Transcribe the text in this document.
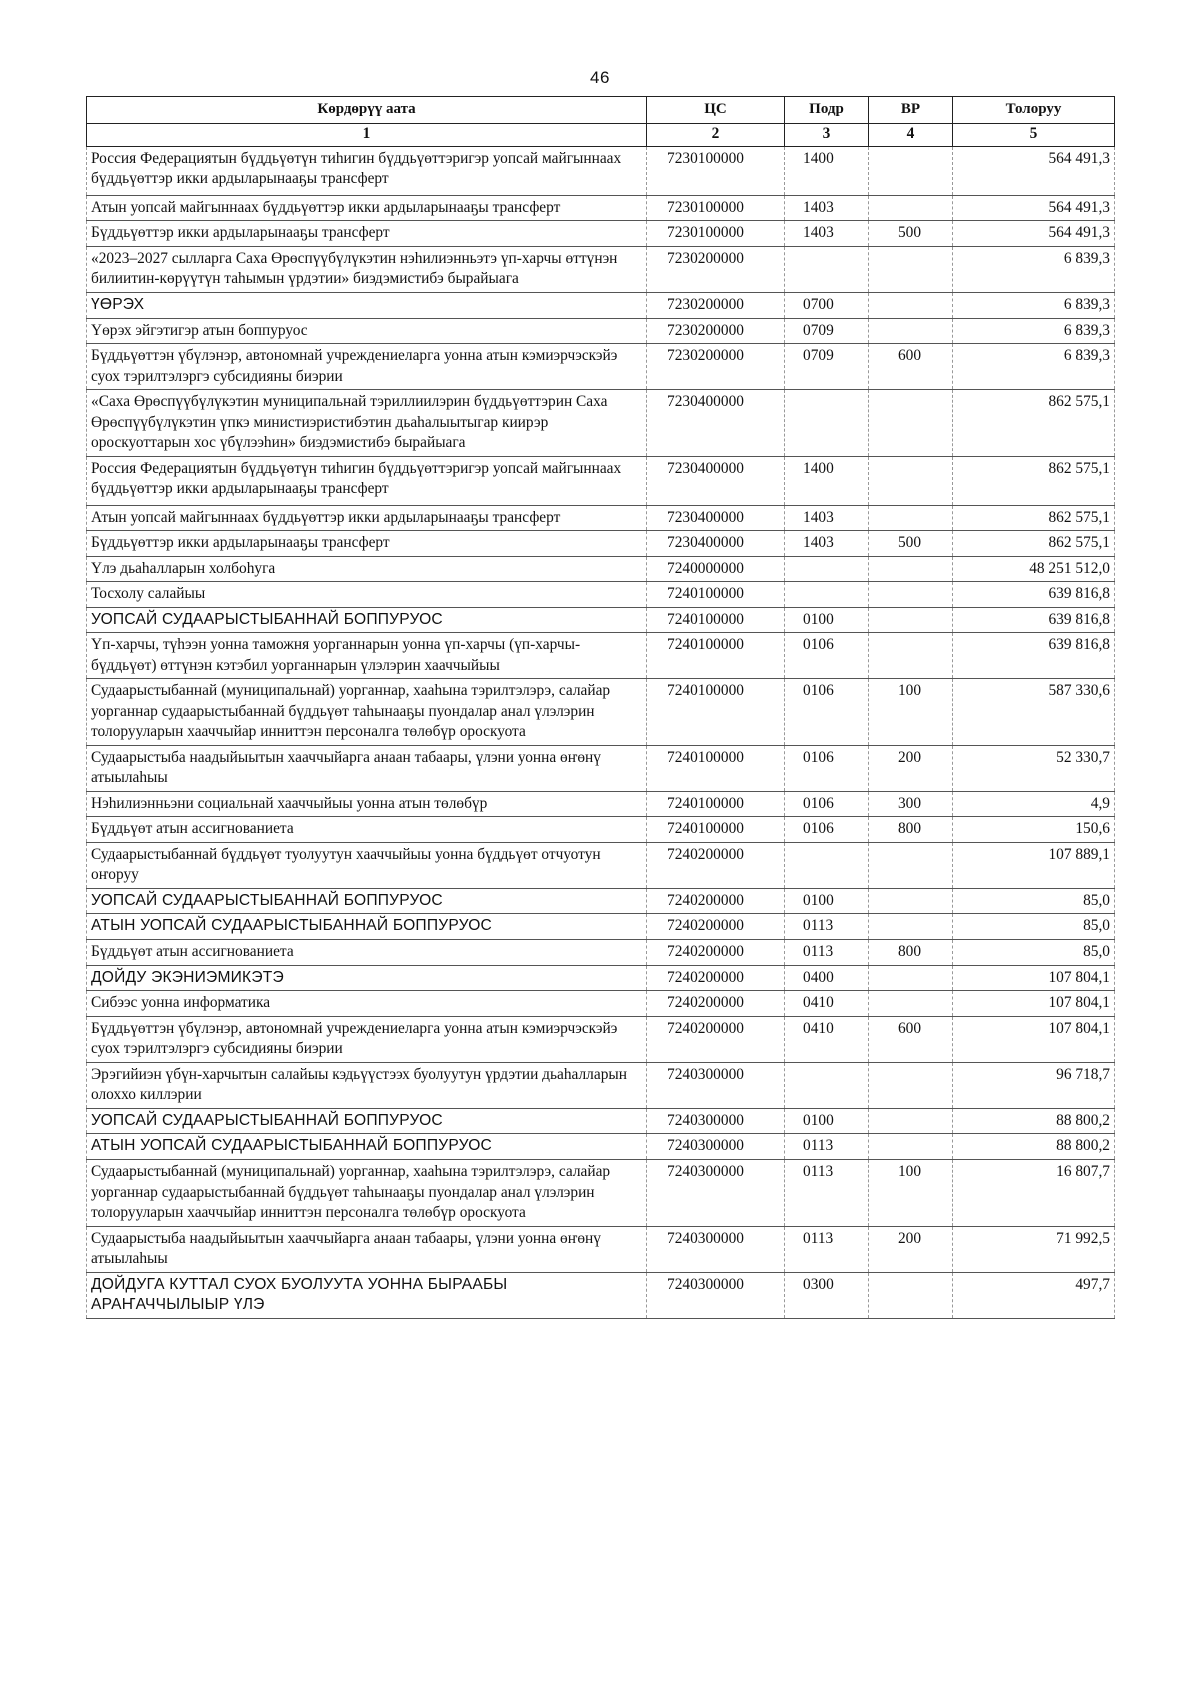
46
Көрдөрүү аата	ЦС	Подр	ВР	Толоруу
1	2	3	4	5
Россия Федерациятын бүддьүөтүн тиһигин бүддьүөттэригэр уопсай майгыннаах бүддьүөттэр икки ардыларынааҕы трансферт	7230100000	1400		564 491,3
Атын уопсай майгыннаах бүддьүөттэр икки ардыларынааҕы трансферт	7230100000	1403		564 491,3
Бүддьүөттэр икки ардыларынааҕы трансферт	7230100000	1403	500	564 491,3
«2023–2027 сылларга Саха Өрөспүүбүлүкэтин нэһилиэнньэтэ үп-харчы өттүнэн билиитин-көрүүтүн таһымын үрдэтии» биэдэмистибэ бырайыага	7230200000			6 839,3
ҮӨРЭХ	7230200000	0700		6 839,3
Үөрэх эйгэтигэр атын боппуруос	7230200000	0709		6 839,3
Бүддьүөттэн үбүлэнэр, автономнай учреждениеларга уонна атын кэмиэрчэскэйэ суох тэрилтэлэргэ субсидияны биэрии	7230200000	0709	600	6 839,3
«Саха Өрөспүүбүлүкэтин муниципальнай тэриллиилэрин бүддьүөттэрин Саха Өрөспүүбүлүкэтин үпкэ министиэристибэтин дьаһалыытыгар киирэр ороскуоттарын хос үбүлээһин» биэдэмистибэ бырайыага	7230400000			862 575,1
Россия Федерациятын бүддьүөтүн тиһигин бүддьүөттэригэр уопсай майгыннаах бүддьүөттэр икки ардыларынааҕы трансферт	7230400000	1400		862 575,1
Атын уопсай майгыннаах бүддьүөттэр икки ардыларынааҕы трансферт	7230400000	1403		862 575,1
Бүддьүөттэр икки ардыларынааҕы трансферт	7230400000	1403	500	862 575,1
Үлэ дьаһалларын холбоһуга	7240000000			48 251 512,0
Тосхолу салайыы	7240100000			639 816,8
УОПСАЙ СУДААРЫСТЫБАННАЙ БОППУРУОС	7240100000	0100		639 816,8
Үп-харчы, түһээн уонна таможня уорганнарын уонна үп-харчы (үп-харчы-бүддьүөт) өттүнэн кэтэбил уорганнарын үлэлэрин хааччыйыы	7240100000	0106		639 816,8
Судаарыстыбаннай (муниципальнай) уорганнар, хааһына тэрилтэлэрэ, салайар уорганнар судаарыстыбаннай бүддьүөт таһынааҕы пуондалар анал үлэлэрин толорууларын хааччыйар инниттэн персоналга төлөбүр ороскуота	7240100000	0106	100	587 330,6
Судаарыстыба наадыйыытын хааччыйарга анаан табаары, үлэни уонна өҥөнү атыылаһыы	7240100000	0106	200	52 330,7
Нэһилиэнньэни социальнай хааччыйыы уонна атын төлөбүр	7240100000	0106	300	4,9
Бүддьүөт атын ассигнованиета	7240100000	0106	800	150,6
Судаарыстыбаннай бүддьүөт туолуутун хааччыйыы уонна бүддьүөт отчуотун оҥоруу	7240200000			107 889,1
УОПСАЙ СУДААРЫСТЫБАННАЙ БОППУРУОС	7240200000	0100		85,0
АТЫН УОПСАЙ СУДААРЫСТЫБАННАЙ БОППУРУОС	7240200000	0113		85,0
Бүддьүөт атын ассигнованиета	7240200000	0113	800	85,0
ДОЙДУ ЭКЭНИЭМИКЭТЭ	7240200000	0400		107 804,1
Сибээс уонна информатика	7240200000	0410		107 804,1
Бүддьүөттэн үбүлэнэр, автономнай учреждениеларга уонна атын кэмиэрчэскэйэ суох тэрилтэлэргэ субсидияны биэрии	7240200000	0410	600	107 804,1
Эрэгийиэн үбүн-харчытын салайыы кэдьүүстээх буолуутун үрдэтии дьаһалларын олоххо киллэрии	7240300000			96 718,7
УОПСАЙ СУДААРЫСТЫБАННАЙ БОППУРУОС	7240300000	0100		88 800,2
АТЫН УОПСАЙ СУДААРЫСТЫБАННАЙ БОППУРУОС	7240300000	0113		88 800,2
Судаарыстыбаннай (муниципальнай) уорганнар, хааһына тэрилтэлэрэ, салайар уорганнар судаарыстыбаннай бүддьүөт таһынааҕы пуондалар анал үлэлэрин толорууларын хааччыйар инниттэн персоналга төлөбүр ороскуота	7240300000	0113	100	16 807,7
Судаарыстыба наадыйыытын хааччыйарга анаан табаары, үлэни уонна өҥөнү атыылаһыы	7240300000	0113	200	71 992,5
ДОЙДУГА КУТТАЛ СУОХ БУОЛУУТА УОННА БЫРААБЫ АРАҤАЧЧЫЛЫЫР ҮЛЭ	7240300000	0300		497,7
